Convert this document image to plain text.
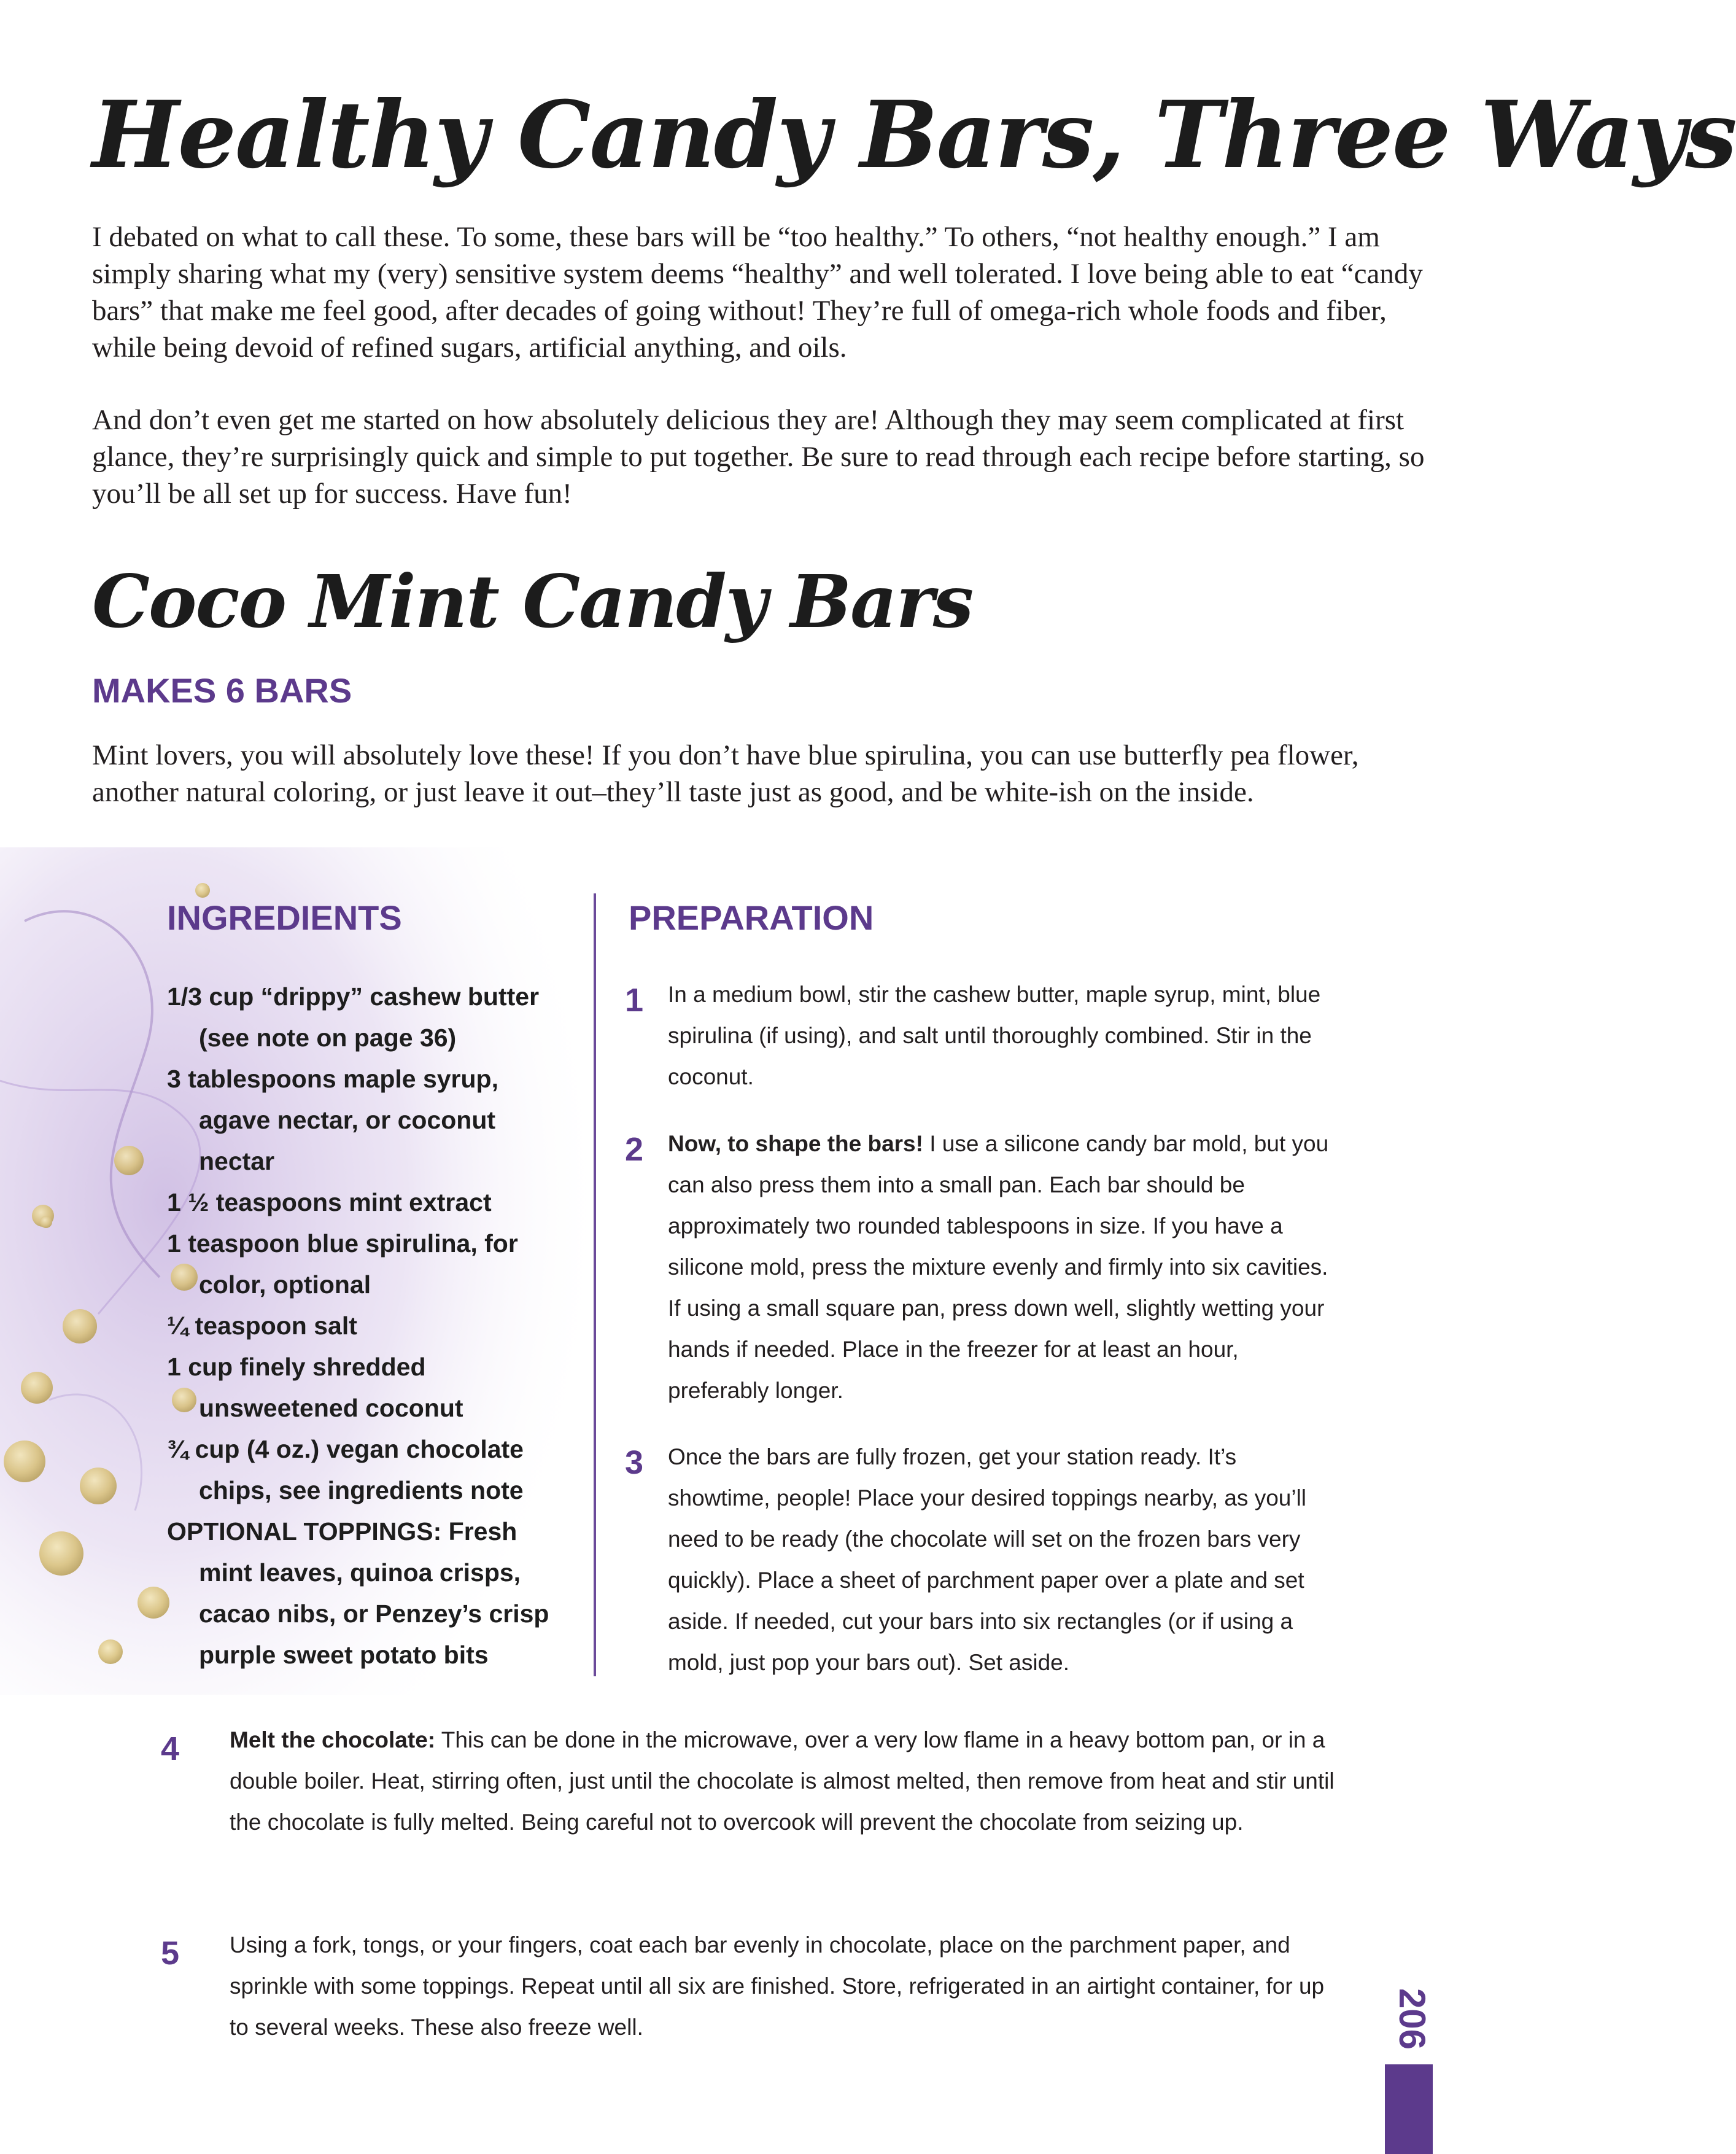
Healthy Candy Bars, Three Ways

I debated on what to call these. To some, these bars will be “too healthy.” To others, “not healthy enough.” I am simply sharing what my (very) sensitive system deems “healthy” and well tolerated. I love being able to eat “candy bars” that make me feel good, after decades of going without! They’re full of omega-rich whole foods and fiber, while being devoid of refined sugars, artificial anything, and oils.

And don’t even get me started on how absolutely delicious they are! Although they may seem complicated at first glance, they’re surprisingly quick and simple to put together. Be sure to read through each recipe before starting, so you’ll be all set up for success. Have fun!

Coco Mint Candy Bars
MAKES 6 BARS

Mint lovers, you will absolutely love these! If you don’t have blue spirulina, you can use butterfly pea flower, another natural coloring, or just leave it out–they’ll taste just as good, and be white-ish on the inside.

INGREDIENTS	PREPARATION
1/3 cup “drippy” cashew butter (see note on page 36)
3 tablespoons maple syrup, agave nectar, or coconut nectar
1 ½ teaspoons mint extract
1 teaspoon blue spirulina, for color, optional
¼ teaspoon salt
1 cup finely shredded unsweetened coconut
¾ cup (4 oz.) vegan chocolate chips, see ingredients note
OPTIONAL TOPPINGS: Fresh mint leaves, quinoa crisps, cacao nibs, or Penzey’s crisp purple sweet potato bits
1 In a medium bowl, stir the cashew butter, maple syrup, mint, blue spirulina (if using), and salt until thoroughly combined. Stir in the coconut.

2 Now, to shape the bars! I use a silicone candy bar mold, but you can also press them into a small pan. Each bar should be approximately two rounded tablespoons in size. If you have a silicone mold, press the mixture evenly and firmly into six cavities. If using a small square pan, press down well, slightly wetting your hands if needed. Place in the freezer for at least an hour, preferably longer.

3 Once the bars are fully frozen, get your station ready. It’s showtime, people! Place your desired toppings nearby, as you’ll need to be ready (the chocolate will set on the frozen bars very quickly). Place a sheet of parchment paper over a plate and set aside. If needed, cut your bars into six rectangles (or if using a mold, just pop your bars out). Set aside.

4 Melt the chocolate: This can be done in the microwave, over a very low flame in a heavy bottom pan, or in a double boiler. Heat, stirring often, just until the chocolate is almost melted, then remove from heat and stir until the chocolate is fully melted. Being careful not to overcook will prevent the chocolate from seizing up.

5 Using a fork, tongs, or your fingers, coat each bar evenly in chocolate, place on the parchment paper, and sprinkle with some toppings. Repeat until all six are finished. Store, refrigerated in an airtight container, for up to several weeks. These also freeze well.	206
